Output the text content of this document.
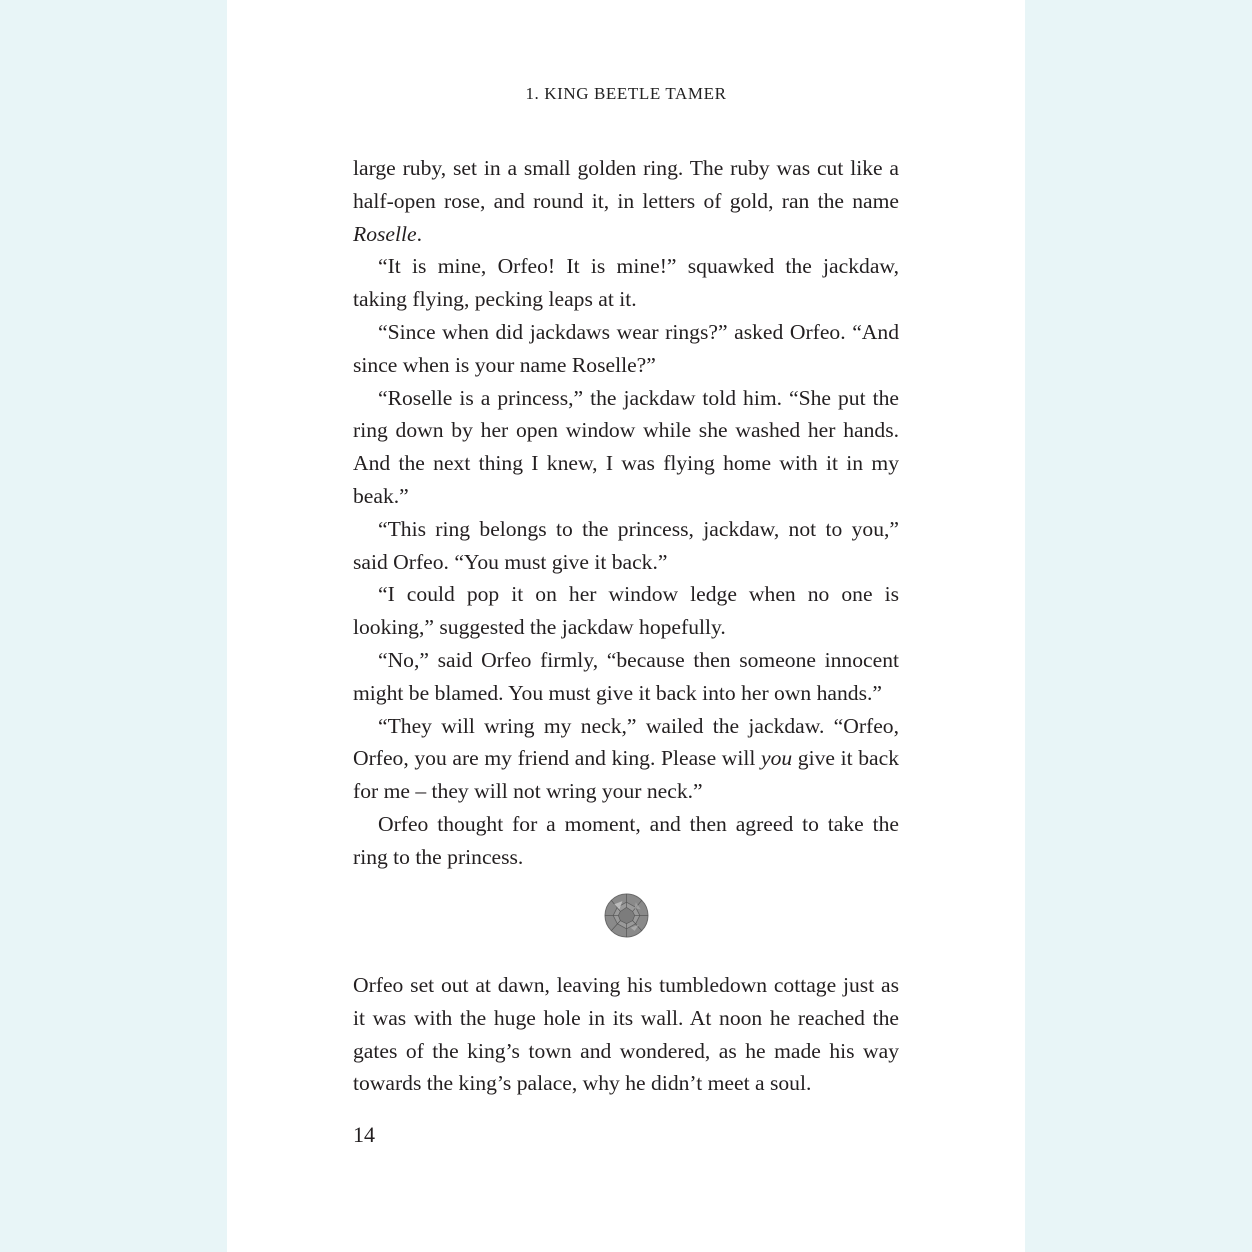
1. KING BEETLE TAMER

large ruby, set in a small golden ring. The ruby was cut like a half-open rose, and round it, in letters of gold, ran the name Roselle.

“It is mine, Orfeo! It is mine!” squawked the jackdaw, taking flying, pecking leaps at it.

“Since when did jackdaws wear rings?” asked Orfeo. “And since when is your name Roselle?”

“Roselle is a princess,” the jackdaw told him. “She put the ring down by her open window while she washed her hands. And the next thing I knew, I was flying home with it in my beak.”

“This ring belongs to the princess, jackdaw, not to you,” said Orfeo. “You must give it back.”

“I could pop it on her window ledge when no one is looking,” suggested the jackdaw hopefully.

“No,” said Orfeo firmly, “because then someone innocent might be blamed. You must give it back into her own hands.”

“They will wring my neck,” wailed the jackdaw. “Orfeo, Orfeo, you are my friend and king. Please will you give it back for me – they will not wring your neck.”

Orfeo thought for a moment, and then agreed to take the ring to the princess.

Orfeo set out at dawn, leaving his tumbledown cottage just as it was with the huge hole in its wall. At noon he reached the gates of the king’s town and wondered, as he made his way towards the king’s palace, why he didn’t meet a soul.

14
